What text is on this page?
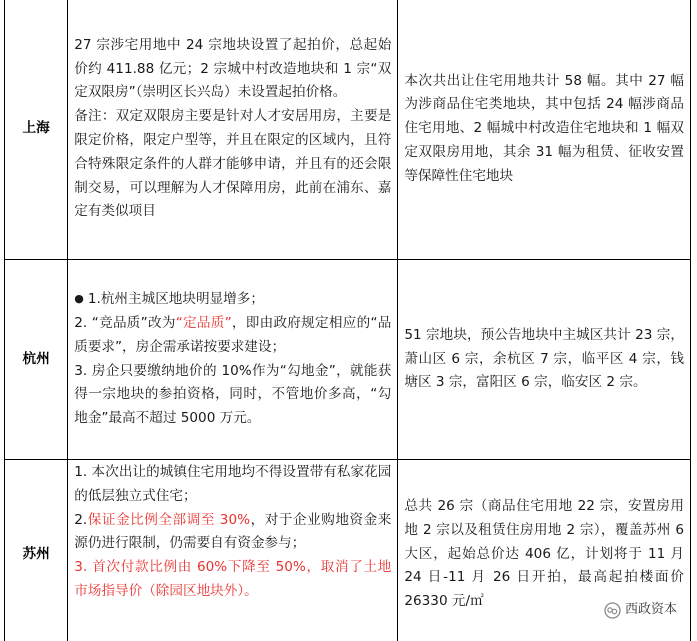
上海	27 宗涉宅用地中 24 宗地块设置了起拍价，总起始价约 411.88 亿元；2 宗城中村改造地块和 1 宗“双定双限房”（崇明区长兴岛）未设置起拍价格。
备注：双定双限房主要是针对人才安居用房，主要是限定价格，限定户型等，并且在限定的区域内，且符合特殊限定条件的人群才能够申请，并且有的还会限制交易，可以理解为人才保障用房，此前在浦东、嘉定有类似项目	本次共出让住宅用地共计 58 幅。其中 27 幅为涉商品住宅类地块，其中包括 24 幅涉商品住宅用地、2 幅城中村改造住宅地块和 1 幅双定双限房用地，其余 31 幅为租赁、征收安置等保障性住宅地块

杭州	● 1.杭州主城区地块明显增多；
2. “竞品质”改为“定品质”，即由政府规定相应的“品质要求”，房企需承诺按要求建设；
3. 房企只要缴纳地价的 10%作为“勾地金”，就能获得一宗地块的参拍资格，同时，不管地价多高，“勾地金”最高不超过 5000 万元。	51 宗地块，预公告地块中主城区共计 23 宗，萧山区 6 宗，余杭区 7 宗，临平区 4 宗，钱塘区 3 宗，富阳区 6 宗，临安区 2 宗。

苏州	1. 本次出让的城镇住宅用地均不得设置带有私家花园的低层独立式住宅；
2.保证金比例全部调至 30%，对于企业购地资金来源仍进行限制，仍需要自有资金参与；
3. 首次付款比例由 60%下降至 50%，取消了土地市场指导价（除园区地块外）。	总共 26 宗（商品住宅用地 22 宗，安置房用地 2 宗以及租赁住房用地 2 宗），覆盖苏州 6 大区，起始总价达 406 亿，计划将于 11 月 24 日-11 月 26 日开拍，最高起拍楼面价 26330 元/㎡
西政资本
